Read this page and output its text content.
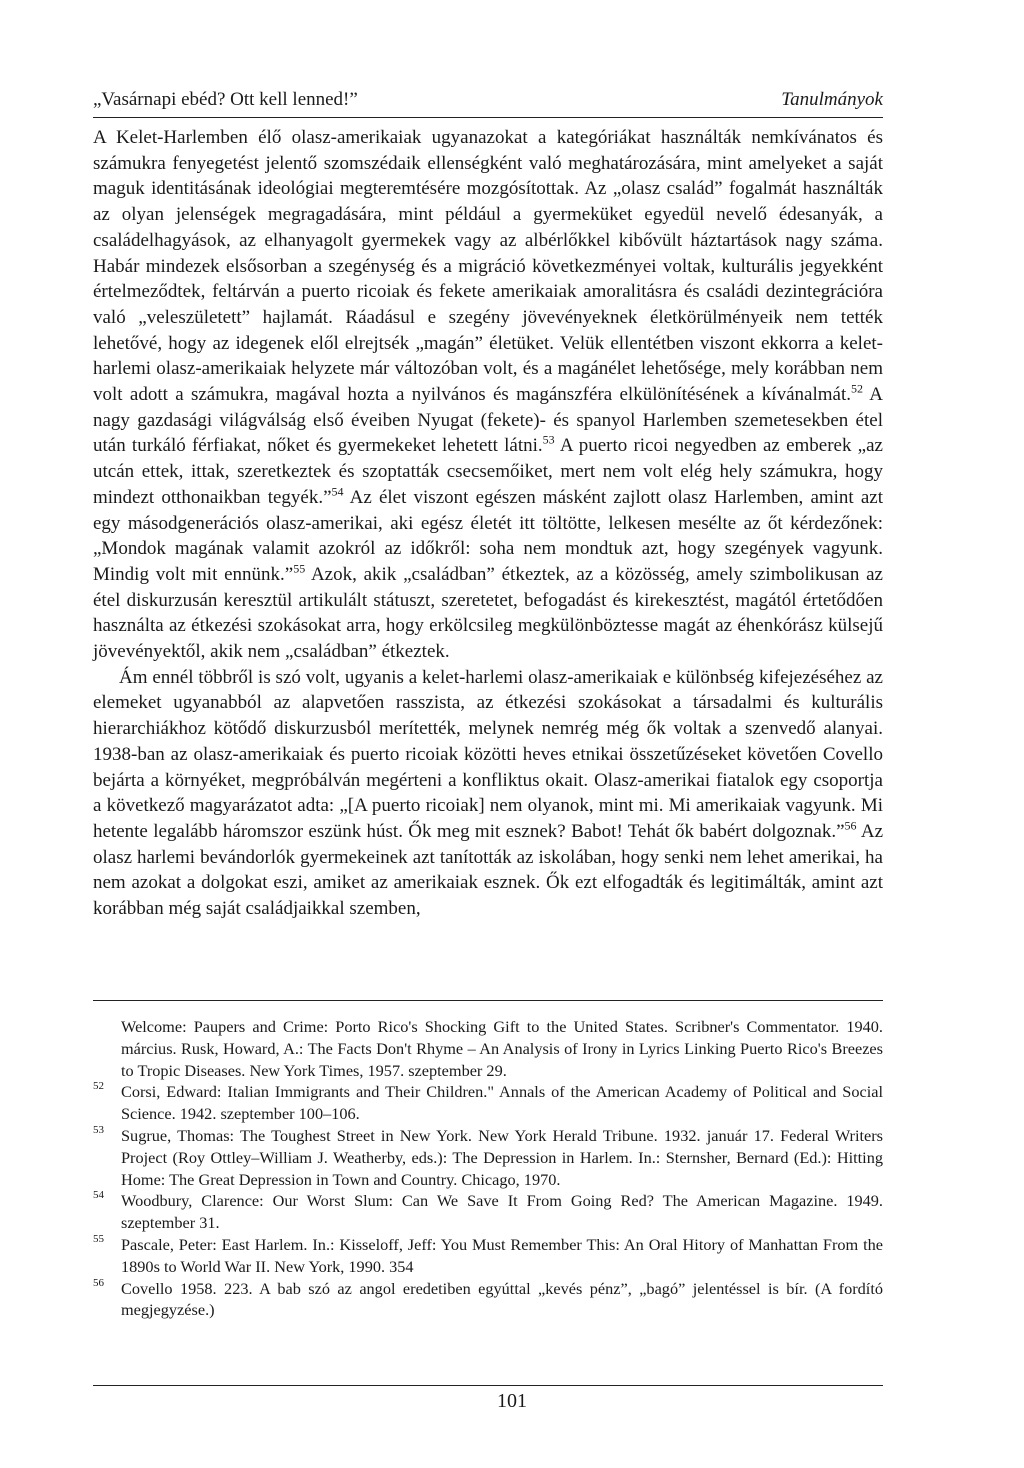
„Vasárnapi ebéd? Ott kell lenned!”	Tanulmányok

A Kelet-Harlemben élő olasz-amerikaiak ugyanazokat a kategóriákat használták nemkívánatos és számukra fenyegetést jelentő szomszédaik ellenségként való meghatározására, mint amelyeket a saját maguk identitásának ideológiai megteremtésére mozgósítottak. Az „olasz család” fogalmát használták az olyan jelenségek megragadására, mint például a gyermeküket egyedül nevelő édesanyák, a családelhagyások, az elhanyagolt gyermekek vagy az albérlőkkel kibővült háztartások nagy száma. Habár mindezek elsősorban a szegénység és a migráció következményei voltak, kulturális jegyekként értelmeződtek, feltárván a puerto ricoiak és fekete amerikaiak amoralitásra és családi dezintegrációra való „veleszületett” hajlamát. Ráadásul e szegény jövevényeknek életkörülményeik nem tették lehetővé, hogy az idegenek elől elrejtsék „magán” életüket. Velük ellentétben viszont ekkorra a kelet-harlemi olasz-amerikaiak helyzete már változóban volt, és a magánélet lehetősége, mely korábban nem volt adott a számukra, magával hozta a nyilvános és magánszféra elkülönítésének a kívánalmát.$^{52}$ A nagy gazdasági világválság első éveiben Nyugat (fekete)- és spanyol Harlemben szemetesekben étel után turkáló férfiakat, nőket és gyermekeket lehetett látni.$^{53}$ A puerto ricoi negyedben az emberek „az utcán ettek, ittak, szeretkeztek és szoptatták csecsemőiket, mert nem volt elég hely számukra, hogy mindezt otthonaikban tegyék.”$^{54}$ Az élet viszont egészen másként zajlott olasz Harlemben, amint azt egy másodgenerációs olasz-amerikai, aki egész életét itt töltötte, lelkesen mesélte az őt kérdezőnek: „Mondok magának valamit azokról az időkről: soha nem mondtuk azt, hogy szegények vagyunk. Mindig volt mit ennünk.”$^{55}$ Azok, akik „családban” étkeztek, az a közösség, amely szimbolikusan az étel diskurzusán keresztül artikulált státuszt, szeretetet, befogadást és kirekesztést, magától értetődően használta az étkezési szokásokat arra, hogy erkölcsileg megkülönböztesse magát az éhenkórász külsejű jövevényektől, akik nem „családban” étkeztek.

Ám ennél többről is szó volt, ugyanis a kelet-harlemi olasz-amerikaiak e különbség kifejezéséhez az elemeket ugyanabból az alapvetően rasszista, az étkezési szokásokat a társadalmi és kulturális hierarchiákhoz kötődő diskurzusból merítették, melynek nemrég még ők voltak a szenvedő alanyai. 1938-ban az olasz-amerikaiak és puerto ricoiak közötti heves etnikai összetűzéseket követően Covello bejárta a környéket, megpróbálván megérteni a konfliktus okait. Olasz-amerikai fiatalok egy csoportja a következő magyarázatot adta: „[A puerto ricoiak] nem olyanok, mint mi. Mi amerikaiak vagyunk. Mi hetente legalább háromszor eszünk húst. Ők meg mit esznek? Babot! Tehát ők babért dolgoznak.”$^{56}$ Az olasz harlemi bevándorlók gyermekeinek azt tanították az iskolában, hogy senki nem lehet amerikai, ha nem azokat a dolgokat eszi, amiket az amerikaiak esznek. Ők ezt elfogadták és legitimálták, amint azt korábban még saját családjaikkal szemben,

Welcome: Paupers and Crime: Porto Rico's Shocking Gift to the United States. Scribner's Commentator. 1940. március. Rusk, Howard, A.: The Facts Don't Rhyme – An Analysis of Irony in Lyrics Linking Puerto Rico's Breezes to Tropic Diseases. New York Times, 1957. szeptember 29.
52 Corsi, Edward: Italian Immigrants and Their Children." Annals of the American Academy of Political and Social Science. 1942. szeptember 100–106.
53 Sugrue, Thomas: The Toughest Street in New York. New York Herald Tribune. 1932. január 17. Federal Writers Project (Roy Ottley–William J. Weatherby, eds.): The Depression in Harlem. In.: Sternsher, Bernard (Ed.): Hitting Home: The Great Depression in Town and Country. Chicago, 1970.
54 Woodbury, Clarence: Our Worst Slum: Can We Save It From Going Red? The American Magazine. 1949. szeptember 31.
55 Pascale, Peter: East Harlem. In.: Kisseloff, Jeff: You Must Remember This: An Oral Hitory of Manhattan From the 1890s to World War II. New York, 1990. 354
56 Covello 1958. 223. A bab szó az angol eredetiben egyúttal „kevés pénz”, „bagó” jelentéssel is bír. (A fordító megjegyzése.)
101
